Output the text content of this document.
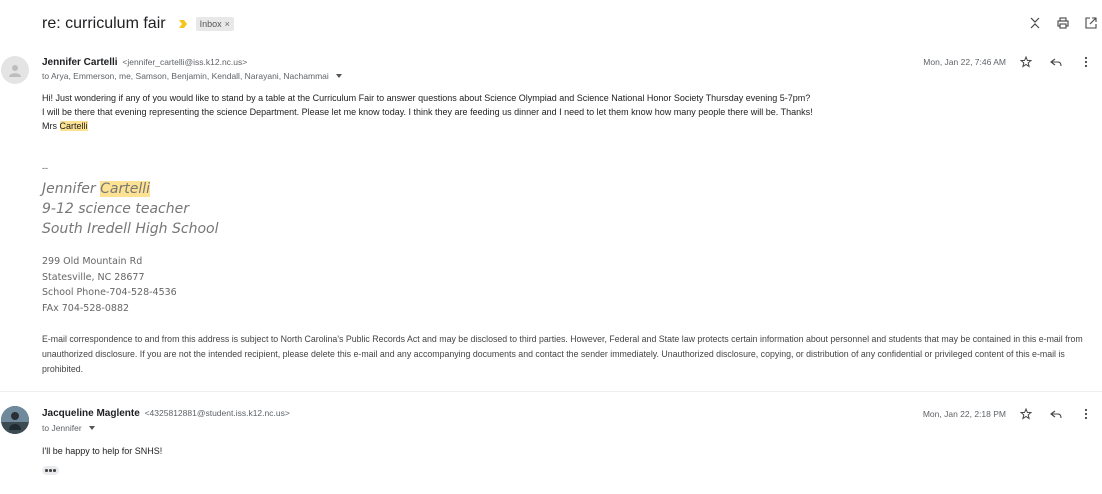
re: curriculum fair	Inbox ×
Jennifer Cartelli <jennifer_cartelli@iss.k12.nc.us>
to Arya, Emmerson, me, Samson, Benjamin, Kendall, Narayani, Nachammai
Mon, Jan 22, 7:46 AM
Hi! Just wondering if any of you would like to stand by a table at the Curriculum Fair to answer questions about Science Olympiad and Science National Honor Society Thursday evening 5-7pm?
I will be there that evening representing the science Department. Please let me know today. I think they are feeding us dinner and I need to let them know how many people there will be. Thanks!
Mrs Cartelli
--
Jennifer Cartelli
9-12 science teacher
South Iredell High School
299 Old Mountain Rd
Statesville, NC 28677
School Phone-704-528-4536
FAx 704-528-0882
E-mail correspondence to and from this address is subject to North Carolina's Public Records Act and may be disclosed to third parties. However, Federal and State law protects certain information about personnel and students that may be contained in this e-mail from unauthorized disclosure. If you are not the intended recipient, please delete this e-mail and any accompanying documents and contact the sender immediately. Unauthorized disclosure, copying, or distribution of any confidential or privileged content of this e-mail is prohibited.
Jacqueline Maglente <4325812881@student.iss.k12.nc.us>
to Jennifer
Mon, Jan 22, 2:18 PM
I'll be happy to help for SNHS!
